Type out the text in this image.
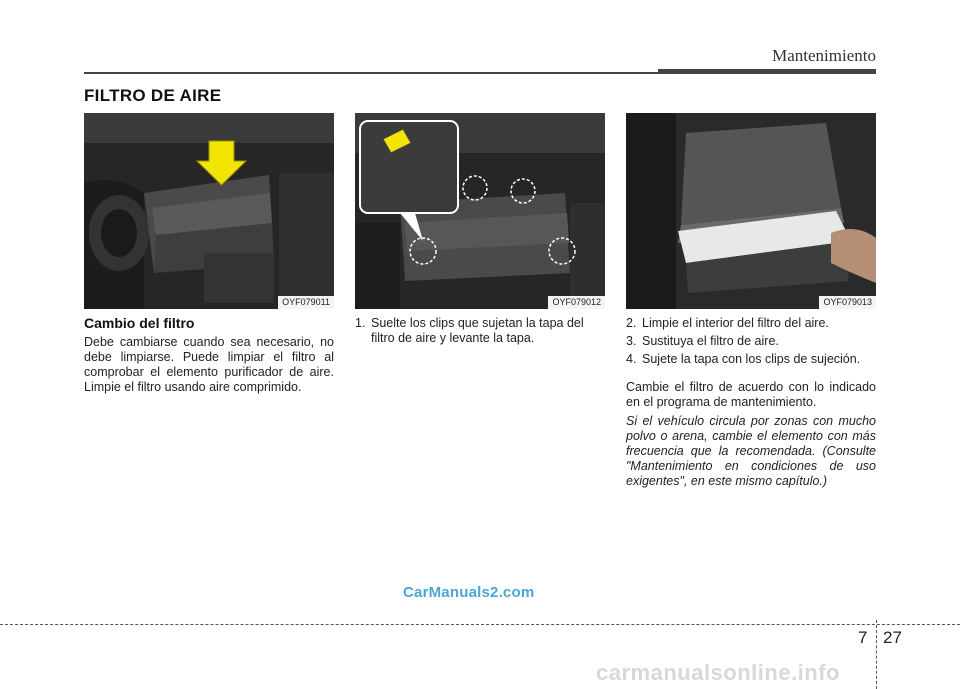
Mantenimiento
FILTRO DE AIRE
OYF079011	OYF079012	OYF079013
Cambio del filtro

Debe cambiarse cuando sea necesario, no debe limpiarse. Puede limpiar el filtro al comprobar el elemento purificador de aire. Limpie el filtro usando aire comprimido.

1. Suelte los clips que sujetan la tapa del filtro de aire y levante la tapa.
2. Limpie el interior del filtro del aire.
3. Sustituya el filtro de aire.
4. Sujete la tapa con los clips de sujeción.

Cambie el filtro de acuerdo con lo indicado en el programa de mantenimiento.

Si el vehículo circula por zonas con mucho polvo o arena, cambie el elemento con más frecuencia que la recomendada. (Consulte "Mantenimiento en condiciones de uso exigentes", en este mismo capítulo.)

CarManuals2.com
7 27
carmanualsonline.info
